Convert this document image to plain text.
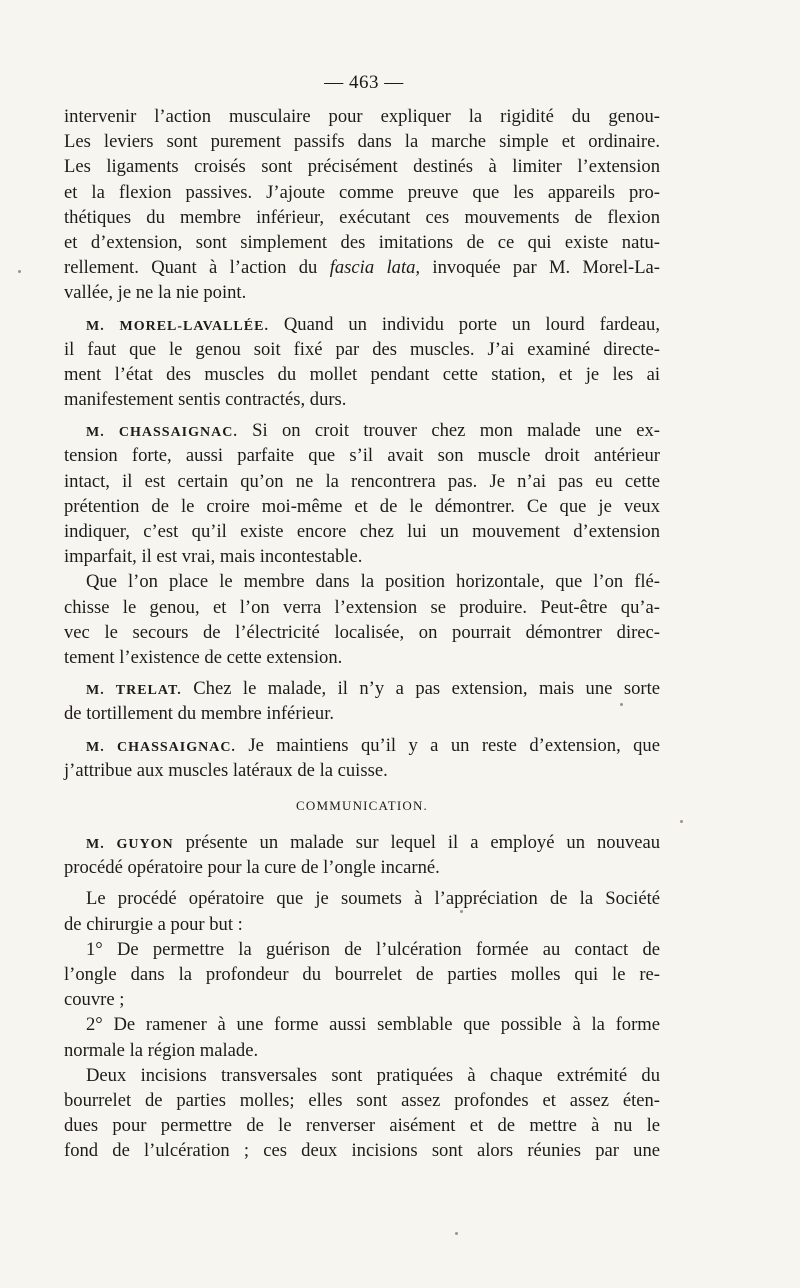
— 463 —
intervenir l’action musculaire pour expliquer la rigidité du genou-
Les leviers sont purement passifs dans la marche simple et ordinaire.
Les ligaments croisés sont précisément destinés à limiter l’extension
et la flexion passives. J’ajoute comme preuve que les appareils pro-
thétiques du membre inférieur, exécutant ces mouvements de flexion
et d’extension, sont simplement des imitations de ce qui existe natu-
rellement. Quant à l’action du fascia lata, invoquée par M. Morel-La-
vallée, je ne la nie point.
M. MOREL-LAVALLÉE. Quand un individu porte un lourd fardeau,
il faut que le genou soit fixé par des muscles. J’ai examiné directe-
ment l’état des muscles du mollet pendant cette station, et je les ai
manifestement sentis contractés, durs.
M. CHASSAIGNAC. Si on croit trouver chez mon malade une ex-
tension forte, aussi parfaite que s’il avait son muscle droit antérieur
intact, il est certain qu’on ne la rencontrera pas. Je n’ai pas eu cette
prétention de le croire moi-même et de le démontrer. Ce que je veux
indiquer, c’est qu’il existe encore chez lui un mouvement d’extension
imparfait, il est vrai, mais incontestable.
Que l’on place le membre dans la position horizontale, que l’on flé-
chisse le genou, et l’on verra l’extension se produire. Peut-être qu’a-
vec le secours de l’électricité localisée, on pourrait démontrer direc-
tement l’existence de cette extension.
M. TRELAT. Chez le malade, il n’y a pas extension, mais une sorte
de tortillement du membre inférieur.
M. CHASSAIGNAC. Je maintiens qu’il y a un reste d’extension, que
j’attribue aux muscles latéraux de la cuisse.
COMMUNICATION.
M. GUYON présente un malade sur lequel il a employé un nouveau
procédé opératoire pour la cure de l’ongle incarné.
Le procédé opératoire que je soumets à l’appréciation de la Société
de chirurgie a pour but :
1° De permettre la guérison de l’ulcération formée au contact de
l’ongle dans la profondeur du bourrelet de parties molles qui le re-
couvre ;
2° De ramener à une forme aussi semblable que possible à la forme
normale la région malade.
Deux incisions transversales sont pratiquées à chaque extrémité du
bourrelet de parties molles; elles sont assez profondes et assez éten-
dues pour permettre de le renverser aisément et de mettre à nu le
fond de l’ulcération ; ces deux incisions sont alors réunies par une
